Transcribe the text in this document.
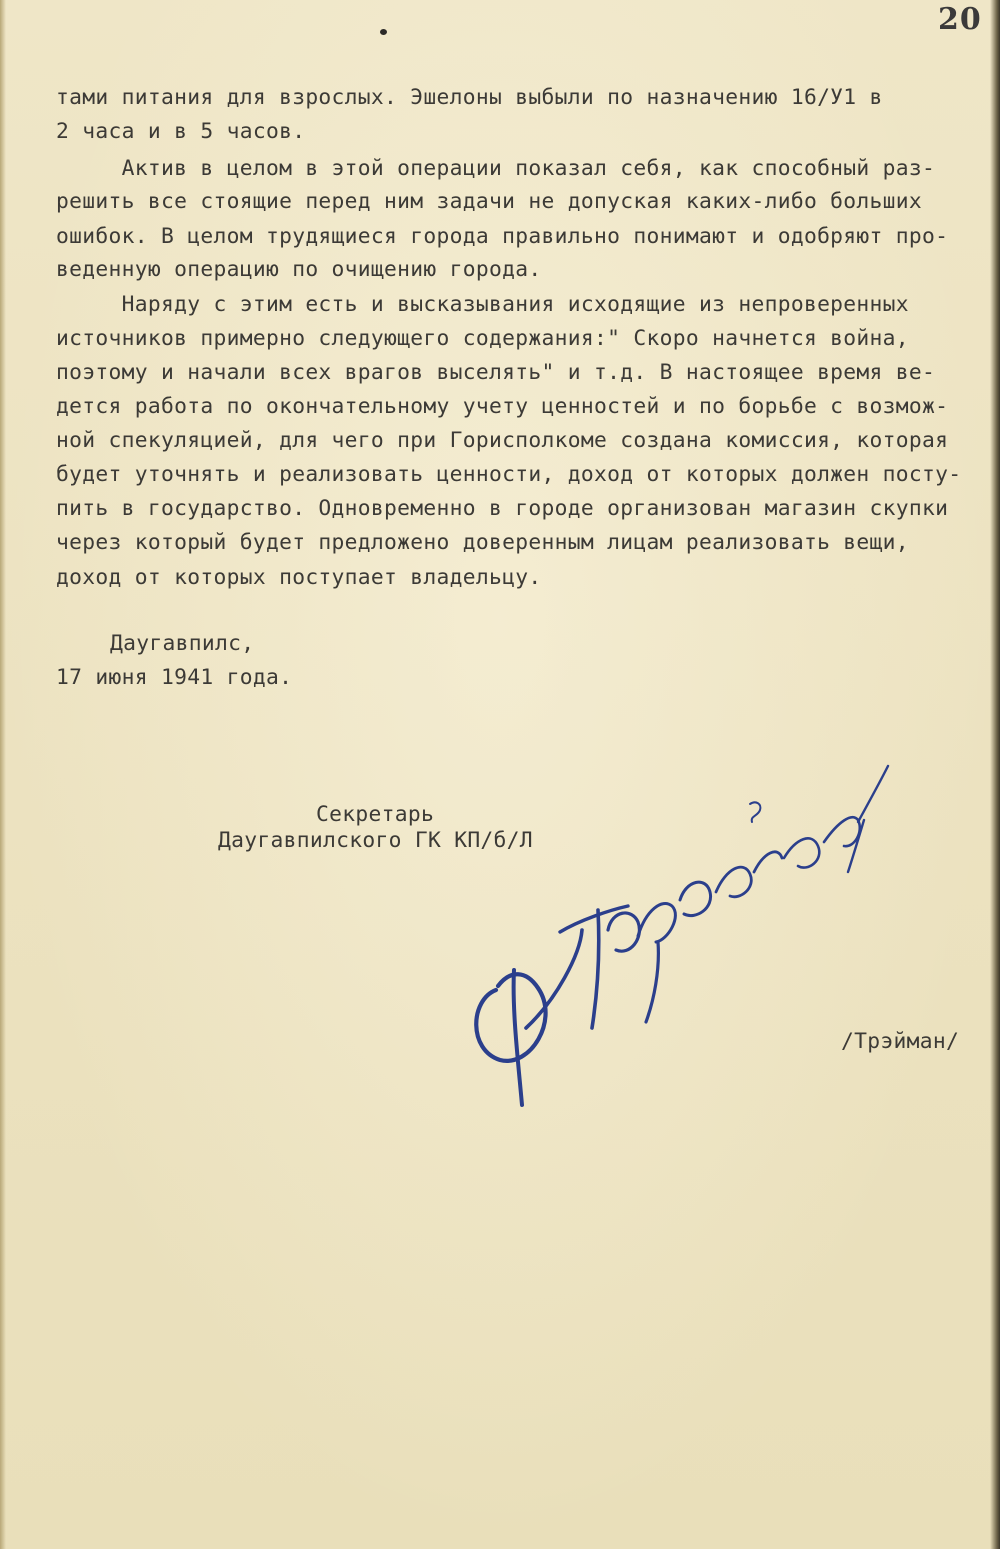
20
тами питания для взрослых. Эшелоны выбыли по назначению 16/У1 в
2 часа и в 5 часов.
Актив в целом в этой операции показал себя, как способный раз-
решить все стоящие перед ним задачи не допуская каких-либо больших
ошибок. В целом трудящиеся города правильно понимают и одобряют про-
веденную операцию по очищению города.
Наряду с этим есть и высказывания исходящие из непроверенных
источников примерно следующего содержания:" Скоро начнется война,
поэтому и начали всех врагов выселять" и т.д. В настоящее время ве-
дется работа по окончательному учету ценностей и по борьбе с возмож-
ной спекуляцией, для чего при Горисполкоме создана комиссия, которая
будет уточнять и реализовать ценности, доход от которых должен посту-
пить в государство. Одновременно в городе организован магазин скупки
через который будет предложено доверенным лицам реализовать вещи,
доход от которых поступает владельцу.
Даугавпилс,
17 июня 1941 года.
Секретарь
Даугавпилского ГК КП/б/Л
/Трэйман/
